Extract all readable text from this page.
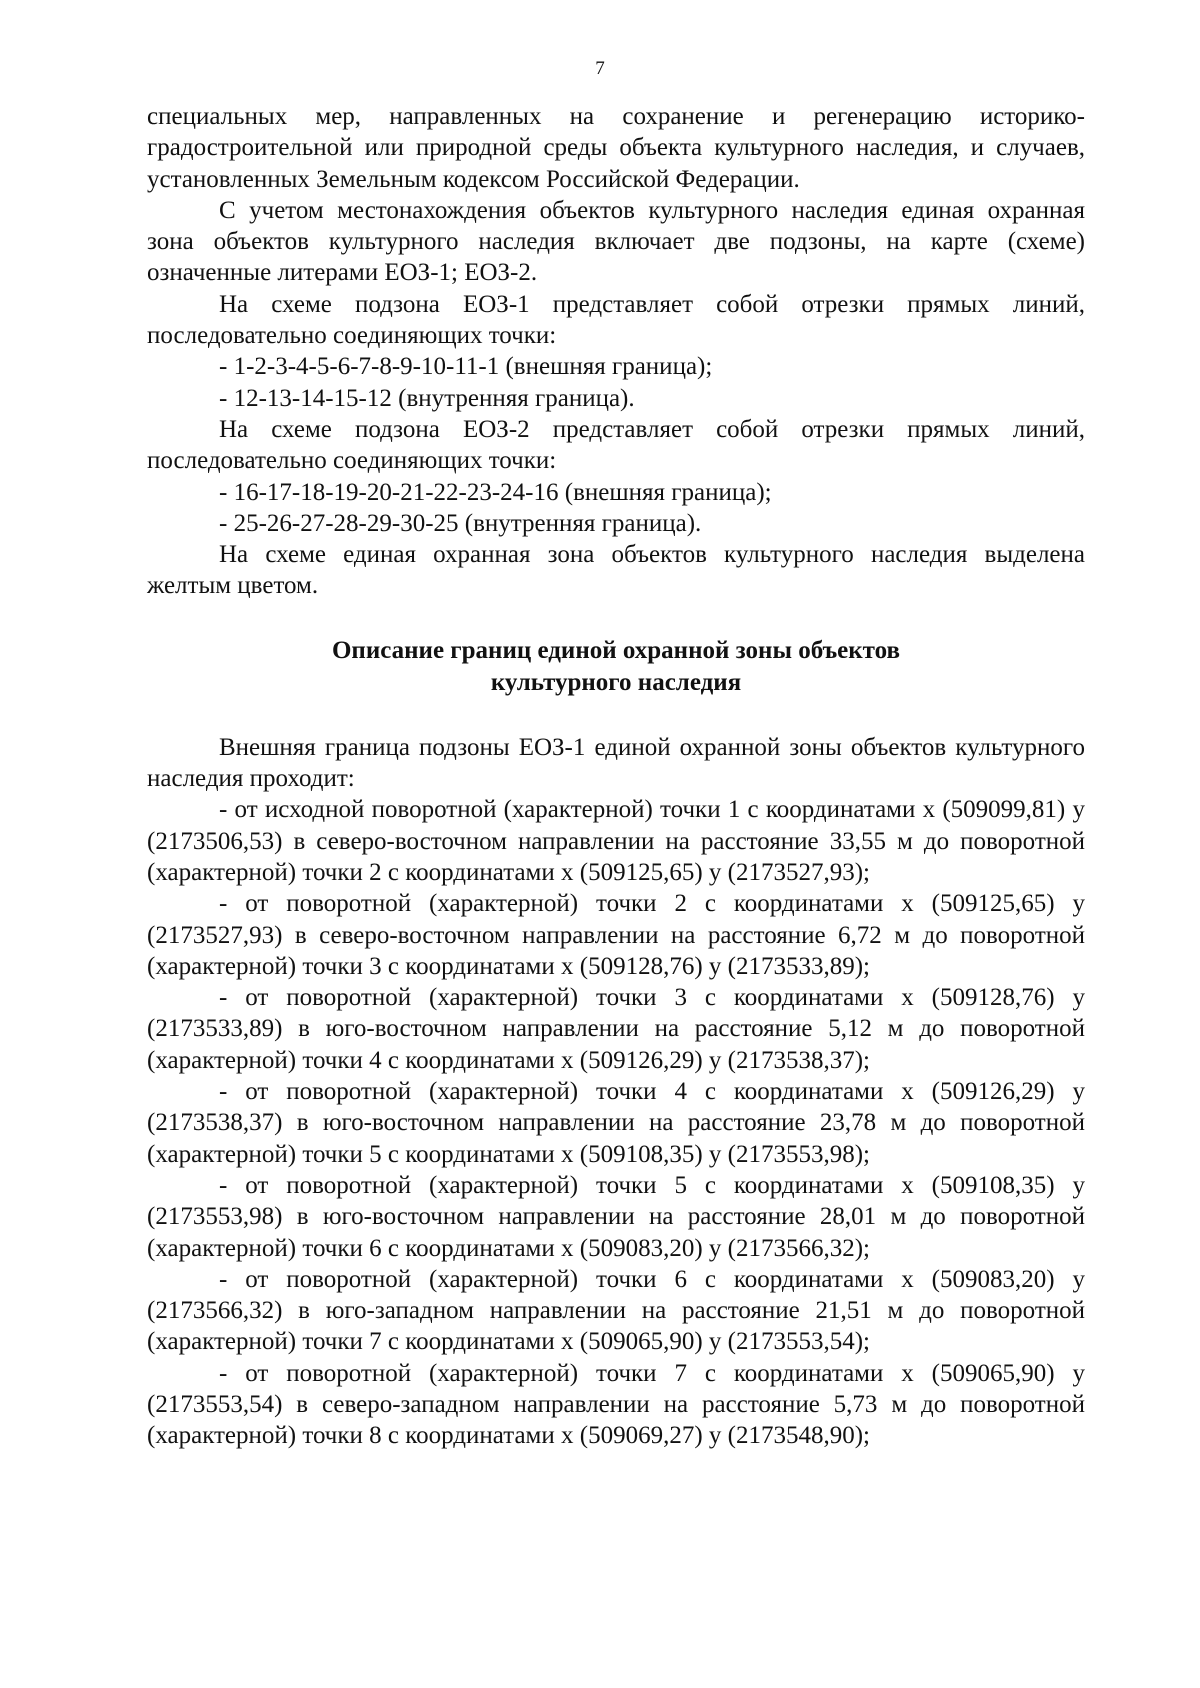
7

специальных мер, направленных на сохранение и регенерацию историко-градостроительной или природной среды объекта культурного наследия, и случаев, установленных Земельным кодексом Российской Федерации.

С учетом местонахождения объектов культурного наследия единая охранная зона объектов культурного наследия включает две подзоны, на карте (схеме) означенные литерами ЕОЗ-1; ЕОЗ-2.

На схеме подзона ЕОЗ-1 представляет собой отрезки прямых линий, последовательно соединяющих точки:

- 1-2-3-4-5-6-7-8-9-10-11-1 (внешняя граница);

- 12-13-14-15-12 (внутренняя граница).

На схеме подзона ЕОЗ-2 представляет собой отрезки прямых линий, последовательно соединяющих точки:

- 16-17-18-19-20-21-22-23-24-16 (внешняя граница);

- 25-26-27-28-29-30-25 (внутренняя граница).

На схеме единая охранная зона объектов культурного наследия выделена желтым цветом.

Описание границ единой охранной зоны объектов
культурного наследия

Внешняя граница подзоны ЕОЗ-1 единой охранной зоны объектов культурного наследия проходит:

- от исходной поворотной (характерной) точки 1 с координатами х (509099,81) у (2173506,53) в северо-восточном направлении на расстояние 33,55 м до поворотной (характерной) точки 2 с координатами х (509125,65) у (2173527,93);

- от поворотной (характерной) точки 2 с координатами х (509125,65) у (2173527,93) в северо-восточном направлении на расстояние 6,72 м до поворотной (характерной) точки 3 с координатами х (509128,76) у (2173533,89);

- от поворотной (характерной) точки 3 с координатами х (509128,76) у (2173533,89) в юго-восточном направлении на расстояние 5,12 м до поворотной (характерной) точки 4 с координатами х (509126,29) у (2173538,37);

- от поворотной (характерной) точки 4 с координатами х (509126,29) у (2173538,37) в юго-восточном направлении на расстояние 23,78 м до поворотной (характерной) точки 5 с координатами х (509108,35) у (2173553,98);

- от поворотной (характерной) точки 5 с координатами х (509108,35) у (2173553,98) в юго-восточном направлении на расстояние 28,01 м до поворотной (характерной) точки 6 с координатами х (509083,20) у (2173566,32);

- от поворотной (характерной) точки 6 с координатами х (509083,20) у (2173566,32) в юго-западном направлении на расстояние 21,51 м до поворотной (характерной) точки 7 с координатами х (509065,90) у (2173553,54);

- от поворотной (характерной) точки 7 с координатами х (509065,90) у (2173553,54) в северо-западном направлении на расстояние 5,73 м до поворотной (характерной) точки 8 с координатами х (509069,27) у (2173548,90);
